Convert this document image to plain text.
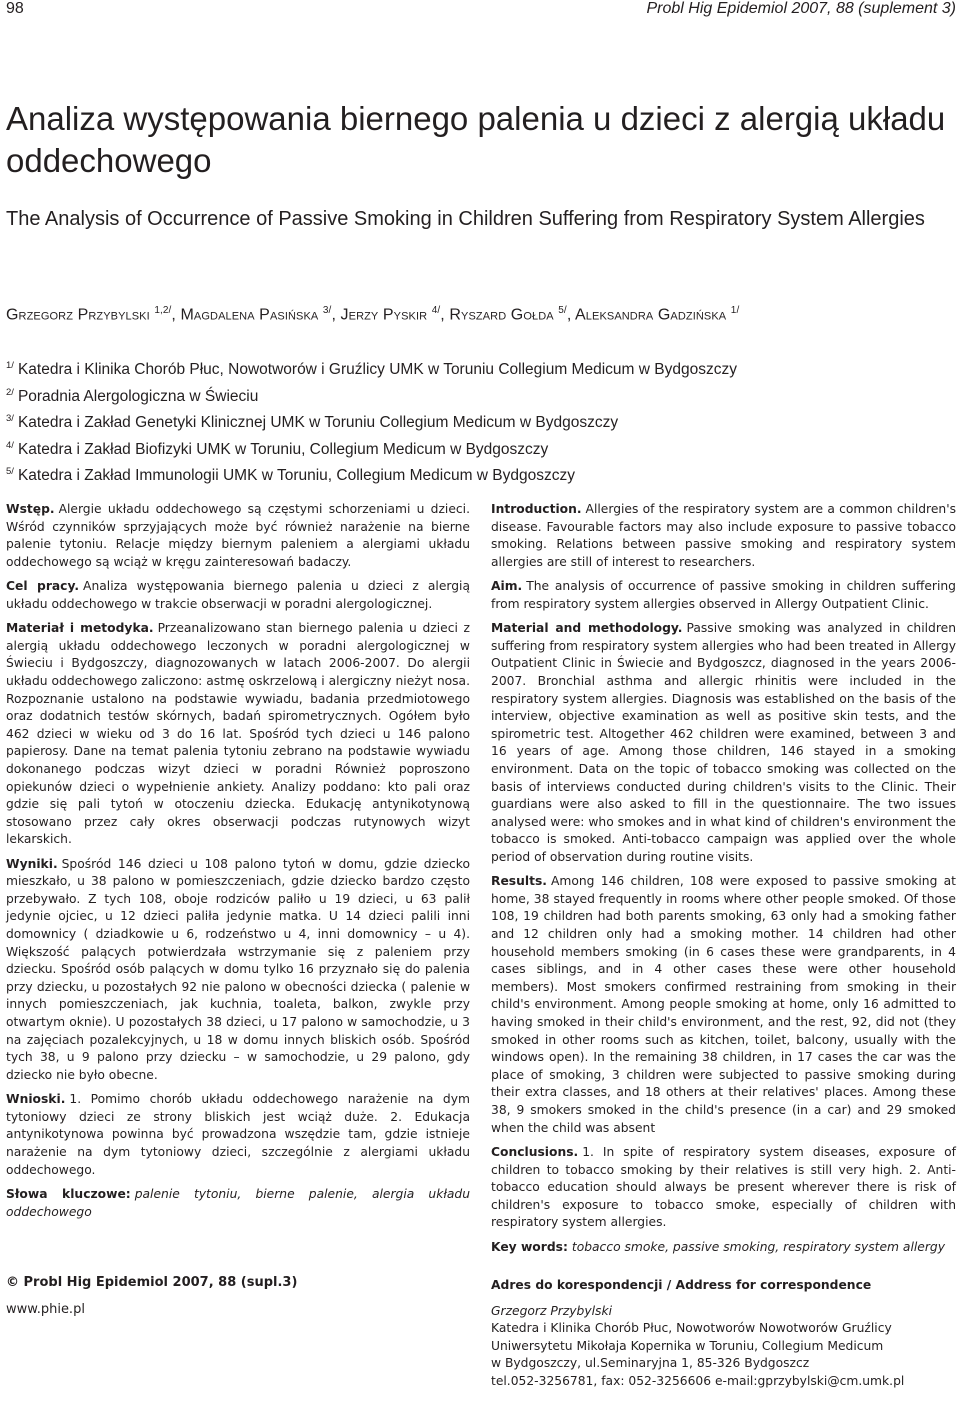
98	Probl Hig Epidemiol 2007, 88 (suplement 3)
Analiza występowania biernego palenia u dzieci z alergią układu oddechowego
The Analysis of Occurrence of Passive Smoking in Children Suffering from Respiratory System Allergies
Grzegorz Przybylski $^{1,2/}$, Magdalena Pasińska $^{3/}$, Jerzy Pyskir $^{4/}$, Ryszard Gołda $^{5/}$, Aleksandra Gadzińska $^{1/}$
$^{1/}$ Katedra i Klinika Chorób Płuc, Nowotworów i Gruźlicy UMK w Toruniu Collegium Medicum w Bydgoszczy
$^{2/}$ Poradnia Alergologiczna w Świeciu
$^{3/}$ Katedra i Zakład Genetyki Klinicznej UMK w Toruniu Collegium Medicum w Bydgoszczy
$^{4/}$ Katedra i Zakład Biofizyki UMK w Toruniu, Collegium Medicum w Bydgoszczy
$^{5/}$ Katedra i Zakład Immunologii UMK w Toruniu, Collegium Medicum w Bydgoszczy

Wstęp. Alergie układu oddechowego są częstymi schorzeniami u dzieci. Wśród czynników sprzyjających może być również narażenie na bierne palenie tytoniu. Relacje między biernym paleniem a alergiami układu oddechowego są wciąż w kręgu zainteresowań badaczy.

Cel pracy. Analiza występowania biernego palenia u dzieci z alergią układu oddechowego w trakcie obserwacji w poradni alergologicznej.

Materiał i metodyka. Przeanalizowano stan biernego palenia u dzieci z alergią układu oddechowego leczonych w poradni alergologicznej w Świeciu i Bydgoszczy, diagnozowanych w latach 2006-2007. Do alergii układu oddechowego zaliczono: astmę oskrzelową i alergiczny nieżyt nosa. Rozpoznanie ustalono na podstawie wywiadu, badania przedmiotowego oraz dodatnich testów skórnych, badań spirometrycznych. Ogółem było 462 dzieci w wieku od 3 do 16 lat. Spośród tych dzieci u 146 palono papierosy. Dane na temat palenia tytoniu zebrano na podstawie wywiadu dokonanego podczas wizyt dzieci w poradni Również poproszono opiekunów dzieci o wypełnienie ankiety. Analizy poddano: kto pali oraz gdzie się pali tytoń w otoczeniu dziecka. Edukację antynikotynową stosowano przez cały okres obserwacji podczas rutynowych wizyt lekarskich.

Wyniki. Spośród 146 dzieci u 108 palono tytoń w domu, gdzie dziecko mieszkało, u 38 palono w pomieszczeniach, gdzie dziecko bardzo często przebywało. Z tych 108, oboje rodziców paliło u 19 dzieci, u 63 palił jedynie ojciec, u 12 dzieci paliła jedynie matka. U 14 dzieci palili inni domownicy ( dziadkowie u 6, rodzeństwo u 4, inni domownicy – u 4). Większość palących potwierdzała wstrzymanie się z paleniem przy dziecku. Spośród osób palących w domu tylko 16 przyznało się do palenia przy dziecku, u pozostałych 92 nie palono w obecności dziecka ( palenie w innych pomieszczeniach, jak kuchnia, toaleta, balkon, zwykle przy otwartym oknie). U pozostałych 38 dzieci, u 17 palono w samochodzie, u 3 na zajęciach pozalekcyjnych, u 18 w domu innych bliskich osób. Spośród tych 38, u 9 palono przy dziecku – w samochodzie, u 29 palono, gdy dziecko nie było obecne.

Wnioski. 1. Pomimo chorób układu oddechowego narażenie na dym tytoniowy dzieci ze strony bliskich jest wciąż duże. 2. Edukacja antynikotynowa powinna być prowadzona wszędzie tam, gdzie istnieje narażenie na dym tytoniowy dzieci, szczególnie z alergiami układu oddechowego.

Słowa kluczowe: palenie tytoniu, bierne palenie, alergia układu oddechowego

Introduction. Allergies of the respiratory system are a common children's disease. Favourable factors may also include exposure to passive tobacco smoking. Relations between passive smoking and respiratory system allergies are still of interest to researchers.

Aim. The analysis of occurrence of passive smoking in children suffering from respiratory system allergies observed in Allergy Outpatient Clinic.

Material and methodology. Passive smoking was analyzed in children suffering from respiratory system allergies who had been treated in Allergy Outpatient Clinic in Świecie and Bydgoszcz, diagnosed in the years 2006-2007. Bronchial asthma and allergic rhinitis were included in the respiratory system allergies. Diagnosis was established on the basis of the interview, objective examination as well as positive skin tests, and the spirometric test. Altogether 462 children were examined, between 3 and 16 years of age. Among those children, 146 stayed in a smoking environment. Data on the topic of tobacco smoking was collected on the basis of interviews conducted during children's visits to the Clinic. Their guardians were also asked to fill in the questionnaire. The two issues analysed were: who smokes and in what kind of children's environment the tobacco is smoked. Anti-tobacco campaign was applied over the whole period of observation during routine visits.

Results. Among 146 children, 108 were exposed to passive smoking at home, 38 stayed frequently in rooms where other people smoked. Of those 108, 19 children had both parents smoking, 63 only had a smoking father and 12 children only had a smoking mother. 14 children had other household members smoking (in 6 cases these were grandparents, in 4 cases siblings, and in 4 other cases these were other household members). Most smokers confirmed restraining from smoking in their child's environment. Among people smoking at home, only 16 admitted to having smoked in their child's environment, and the rest, 92, did not (they smoked in other rooms such as kitchen, toilet, balcony, usually with the windows open). In the remaining 38 children, in 17 cases the car was the place of smoking, 3 children were subjected to passive smoking during their extra classes, and 18 others at their relatives' places. Among these 38, 9 smokers smoked in the child's presence (in a car) and 29 smoked when the child was absent

Conclusions. 1. In spite of respiratory system diseases, exposure of children to tobacco smoking by their relatives is still very high. 2. Anti-tobacco education should always be present wherever there is risk of children's exposure to tobacco smoke, especially of children with respiratory system allergies.

Key words: tobacco smoke, passive smoking, respiratory system allergy

© Probl Hig Epidemiol 2007, 88 (supl.3)
www.phie.pl
Adres do korespondencji / Address for correspondence
Grzegorz Przybylski
Katedra i Klinika Chorób Płuc, Nowotworów Nowotworów Gruźlicy
Uniwersytetu Mikołaja Kopernika w Toruniu, Collegium Medicum
w Bydgoszczy, ul.Seminaryjna 1, 85-326 Bydgoszcz
tel.052-3256781, fax: 052-3256606 e-mail:gprzybylski@cm.umk.pl
